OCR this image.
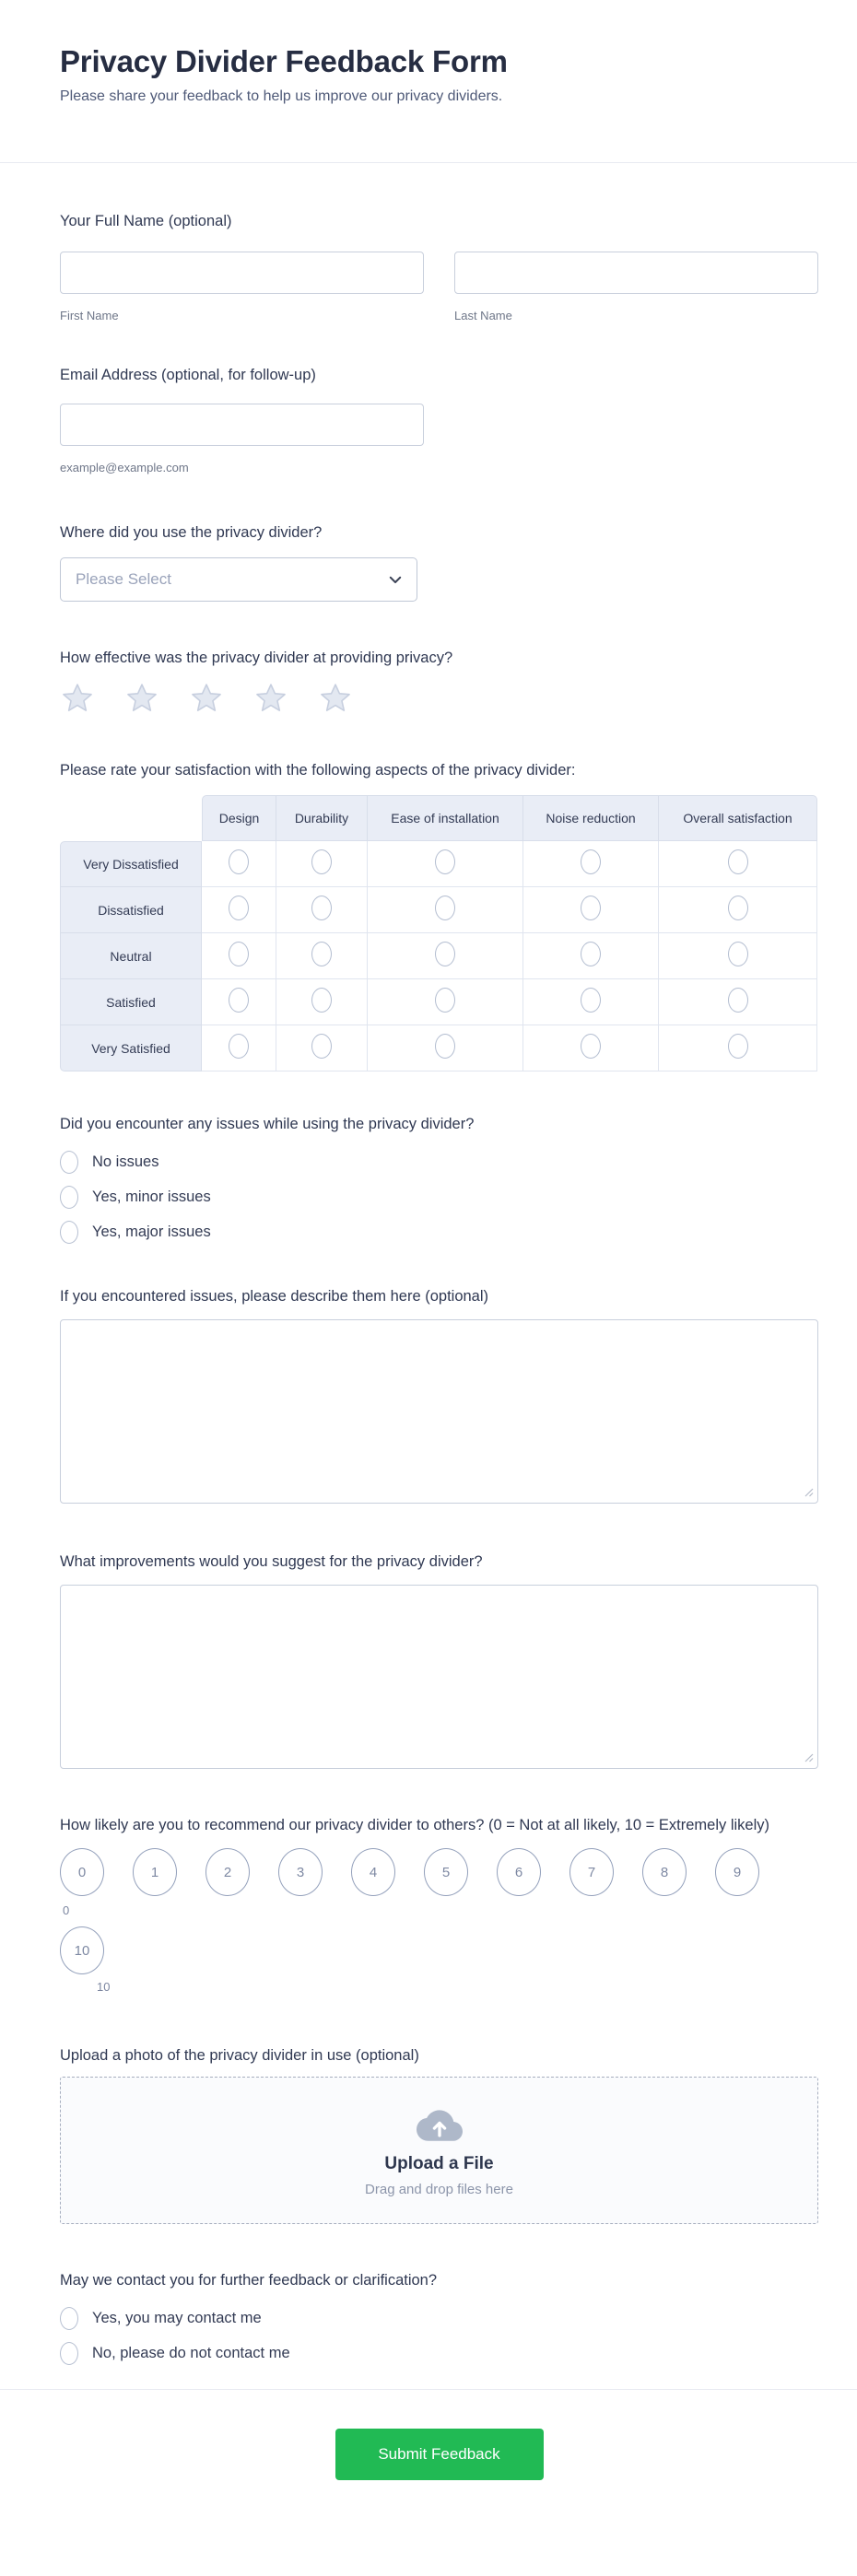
Privacy Divider Feedback Form
Please share your feedback to help us improve our privacy dividers.
Your Full Name (optional)
First Name	Last Name
Email Address (optional, for follow-up)
example@example.com
Where did you use the privacy divider?
Please Select
How effective was the privacy divider at providing privacy?
Please rate your satisfaction with the following aspects of the privacy divider:
	Design	Durability	Ease of installation	Noise reduction	Overall satisfaction
Very Dissatisfied					
Dissatisfied					
Neutral					
Satisfied					
Very Satisfied					
Did you encounter any issues while using the privacy divider?
No issues
Yes, minor issues
Yes, major issues
If you encountered issues, please describe them here (optional)
What improvements would you suggest for the privacy divider?
How likely are you to recommend our privacy divider to others? (0 = Not at all likely, 10 = Extremely likely)
0	1	2	3	4	5	6	7	8	9
0
10
10
Upload a photo of the privacy divider in use (optional)
Upload a File
Drag and drop files here
May we contact you for further feedback or clarification?
Yes, you may contact me
No, please do not contact me
Submit Feedback
